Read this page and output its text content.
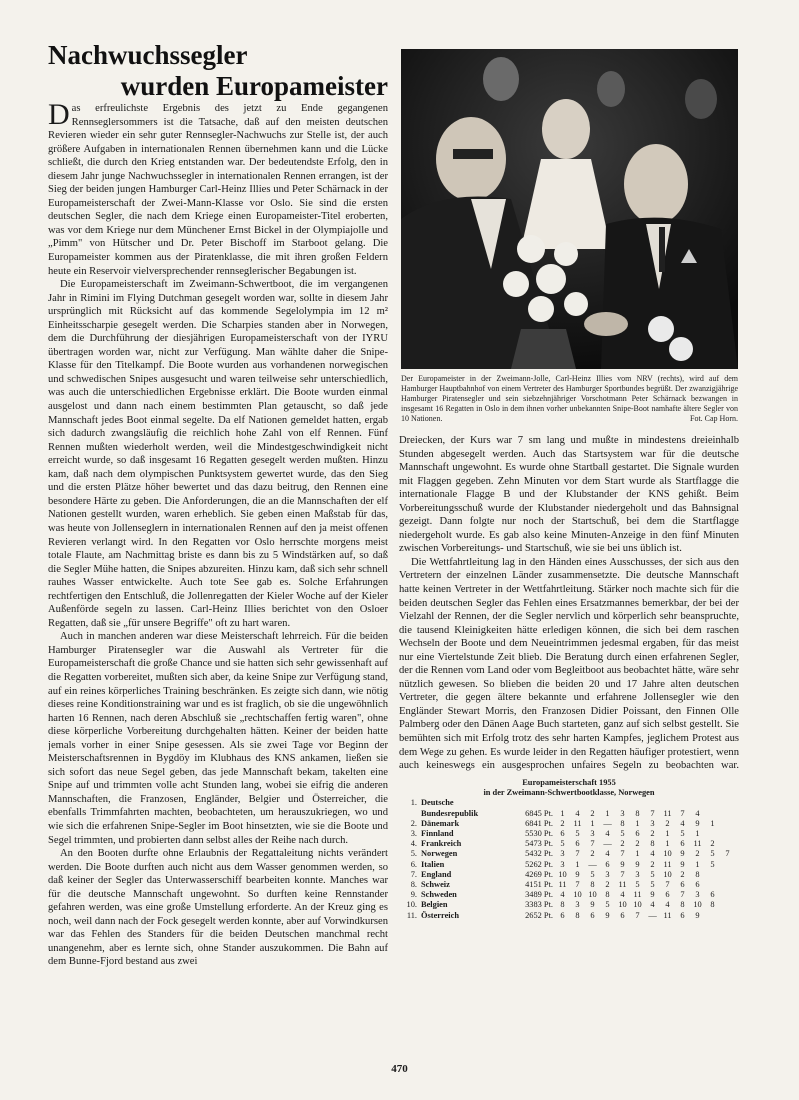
Nachwuchssegler
wurden Europameister

Das erfreulichste Ergebnis des jetzt zu Ende gegangenen Rennseglersommers ist die Tatsache, daß auf den meisten deutschen Revieren wieder ein sehr guter Rennsegler-Nachwuchs zur Stelle ist, der auch größere Aufgaben in internationalen Rennen übernehmen kann und die Lücke schließt, die durch den Krieg entstanden war. Der bedeutendste Erfolg, den in diesem Jahr junge Nachwuchssegler in internationalen Rennen errangen, ist der Sieg der beiden jungen Hamburger Carl-Heinz Illies und Peter Schärnack in der Europameisterschaft der Zwei-Mann-Klasse vor Oslo. Sie sind die ersten deutschen Segler, die nach dem Kriege einen Europameister-Titel eroberten, was vor dem Kriege nur dem Münchener Ernst Bickel in der Olympiajolle und „Pimm" von Hütscher und Dr. Peter Bischoff im Starboot gelang. Die Europameister kommen aus der Piratenklasse, die mit ihren großen Feldern heute ein Reservoir vielversprechender rennseglerischer Begabungen ist.

Die Europameisterschaft im Zweimann-Schwertboot, die im vergangenen Jahr in Rimini im Flying Dutchman gesegelt worden war, sollte in diesem Jahr ursprünglich mit Rücksicht auf das kommende Segelolympia im 12 m² Einheitsscharpie gesegelt werden. Die Scharpies standen aber in Norwegen, dem die Durchführung der diesjährigen Europameisterschaft von der IYRU übertragen worden war, nicht zur Verfügung. Man wählte daher die Snipe-Klasse für den Titelkampf. Die Boote wurden aus vorhandenen norwegischen und schwedischen Snipes ausgesucht und waren teilweise sehr unterschiedlich, was auch die unterschiedlichen Ergebnisse erklärt. Die Boote wurden einmal ausgelost und dann nach einem bestimmten Plan getauscht, so daß jede Mannschaft jedes Boot einmal segelte. Da elf Nationen gemeldet hatten, ergab sich dadurch zwangsläufig die reichlich hohe Zahl von elf Rennen. Fünf Rennen mußten wiederholt werden, weil die Mindestgeschwindigkeit nicht erreicht wurde, so daß insgesamt 16 Regatten gesegelt werden mußten. Hinzu kam, daß nach dem olympischen Punktsystem gewertet wurde, das den Sieg und die ersten Plätze höher bewertet und das dazu beitrug, den Rennen eine besondere Härte zu geben. Die Anforderungen, die an die Mannschaften der elf Nationen gestellt wurden, waren erheblich. Sie geben einen Maßstab für das, was heute von Jollenseglern in internationalen Rennen auf den ja meist offenen Revieren verlangt wird. In den Regatten vor Oslo herrschte morgens meist totale Flaute, am Nachmittag briste es dann bis zu 5 Windstärken auf, so daß die Segler Mühe hatten, die Snipes abzureiten. Hinzu kam, daß sich sehr schnell rauhes Wasser entwickelte. Auch tote See gab es. Solche Erfahrungen rechtfertigen den Entschluß, die Jollenregatten der Kieler Woche auf der Kieler Außenförde segeln zu lassen. Carl-Heinz Illies berichtet von den Osloer Regatten, daß sie „für unsere Begriffe" oft zu hart waren.

Auch in manchen anderen war diese Meisterschaft lehrreich. Für die beiden Hamburger Piratensegler war die Auswahl als Vertreter für die Europameisterschaft die große Chance und sie hatten sich sehr gewissenhaft auf die Regatten vorbereitet, mußten sich aber, da keine Snipe zur Verfügung stand, auf ein reines körperliches Training beschränken. Es zeigte sich dann, wie nötig dieses reine Konditionstraining war und es ist fraglich, ob sie die ungewöhnlich harten 16 Rennen, nach deren Abschluß sie „rechtschaffen fertig waren", ohne diese körperliche Vorbereitung durchgehalten hätten. Keiner der beiden hatte jemals vorher in einer Snipe gesessen. Als sie zwei Tage vor Beginn der Meisterschaftsrennen in Bygdöy im Klubhaus des KNS ankamen, ließen sie sich sofort das neue Segel geben, das jede Mannschaft bekam, takelten eine Snipe auf und trimmten volle acht Stunden lang, wobei sie eifrig die anderen Mannschaften, die Franzosen, Engländer, Belgier und Österreicher, die ebenfalls Trimmfahrten machten, beobachteten, um herauszukriegen, wo und wie sich die erfahrenen Snipe-Segler im Boot hinsetzten, wie sie die Boote und Segel trimmten, und probierten dann selbst alles der Reihe nach durch.

An den Booten durfte ohne Erlaubnis der Regattaleitung nichts verändert werden. Die Boote durften auch nicht aus dem Wasser genommen werden, so daß keiner der Segler das Unterwasserschiff bearbeiten konnte. Manches war für die deutsche Mannschaft ungewohnt. So durften keine Rennstander gefahren werden, was eine große Umstellung erforderte. An der Kreuz ging es noch, weil dann nach der Fock gesegelt werden konnte, aber auf Vorwindkursen war das Fehlen des Standers für die beiden Deutschen manchmal recht unangenehm, aber es lernte sich, ohne Stander auszukommen. Die Bahn auf dem Bunne-Fjord bestand aus zwei

Der Europameister in der Zweimann-Jolle, Carl-Heinz Illies vom NRV (rechts), wird auf dem Hamburger Hauptbahnhof von einem Vertreter des Hamburger Sportbundes begrüßt. Der zwanzigjährige Hamburger Piratensegler und sein siebzehnjähriger Vorschotmann Peter Schärnack bezwangen in insgesamt 16 Regatten in Oslo in dem ihnen vorher unbekannten Snipe-Boot namhafte ältere Segler von 10 Nationen.	Fot. Cap Horn.

Dreiecken, der Kurs war 7 sm lang und mußte in mindestens dreieinhalb Stunden abgesegelt werden. Auch das Startsystem war für die deutsche Mannschaft ungewohnt. Es wurde ohne Startball gestartet. Die Signale wurden mit Flaggen gegeben. Zehn Minuten vor dem Start wurde als Startflagge die internationale Flagge B und der Klubstander der KNS gehißt. Beim Vorbereitungsschuß wurde der Klubstander niedergeholt und das Bahnsignal gezeigt. Dann folgte nur noch der Startschuß, bei dem die Startflagge niedergeholt wurde. Es gab also keine Minuten-Anzeige in den fünf Minuten zwischen Vorbereitungs- und Startschuß, wie sie bei uns üblich ist.

Die Wettfahrtleitung lag in den Händen eines Ausschusses, der sich aus den Vertretern der einzelnen Länder zusammensetzte. Die deutsche Mannschaft hatte keinen Vertreter in der Wettfahrtleitung. Stärker noch machte sich für die beiden deutschen Segler das Fehlen eines Ersatzmannes bemerkbar, der bei der Vielzahl der Rennen, der die Segler nervlich und körperlich sehr beanspruchte, die tausend Kleinigkeiten hätte erledigen können, die sich bei dem raschen Wechseln der Boote und dem Neueintrimmen jedesmal ergaben, für das meist nur eine Viertelstunde Zeit blieb. Die Beratung durch einen erfahrenen Segler, der die Rennen vom Land oder vom Begleitboot aus beobachtet hätte, wäre sehr nützlich gewesen. So blieben die beiden 20 und 17 Jahre alten deutschen Vertreter, die gegen ältere bekannte und erfahrene Jollensegler wie den Engländer Stewart Morris, den Franzosen Didier Poissant, den Finnen Olle Palmberg oder den Dänen Aage Buch starteten, ganz auf sich selbst gestellt. Sie bemühten sich mit Erfolg trotz des sehr harten Kampfes, jeglichem Protest aus dem Wege zu gehen. Es wurde leider in den Regatten häufiger protestiert, wenn auch keineswegs ein ausgesprochen unfaires Segeln zu beobachten war.

Europameisterschaft 1955
in der Zweimann-Schwertbootklasse, Norwegen
1.	Deutsche													
	Bundesrepublik	6845 Pt.	1	4	2	1	3	8	7	11	7	4		
2.	Dänemark	6841 Pt.	2	11	1	—	8	1	3	2	4	9	1	
3.	Finnland	5530 Pt.	6	5	3	4	5	6	2	1	5	1		
4.	Frankreich	5473 Pt.	5	6	7	—	2	2	8	1	6	11	2	
5.	Norwegen	5432 Pt.	3	7	2	4	7	1	4	10	9	2	5	7
6.	Italien	5262 Pt.	3	1	—	6	9	9	2	11	9	1	5	
7.	England	4269 Pt.	10	9	5	3	7	3	5	10	2	8		
8.	Schweiz	4151 Pt.	11	7	8	2	11	5	5	7	6	6		
9.	Schweden	3489 Pt.	4	10	10	8	4	11	9	6	7	3	6	
10.	Belgien	3383 Pt.	8	3	9	5	10	10	4	4	8	10	8	
11.	Österreich	2652 Pt.	6	8	6	9	6	7	—	11	6	9		
470
